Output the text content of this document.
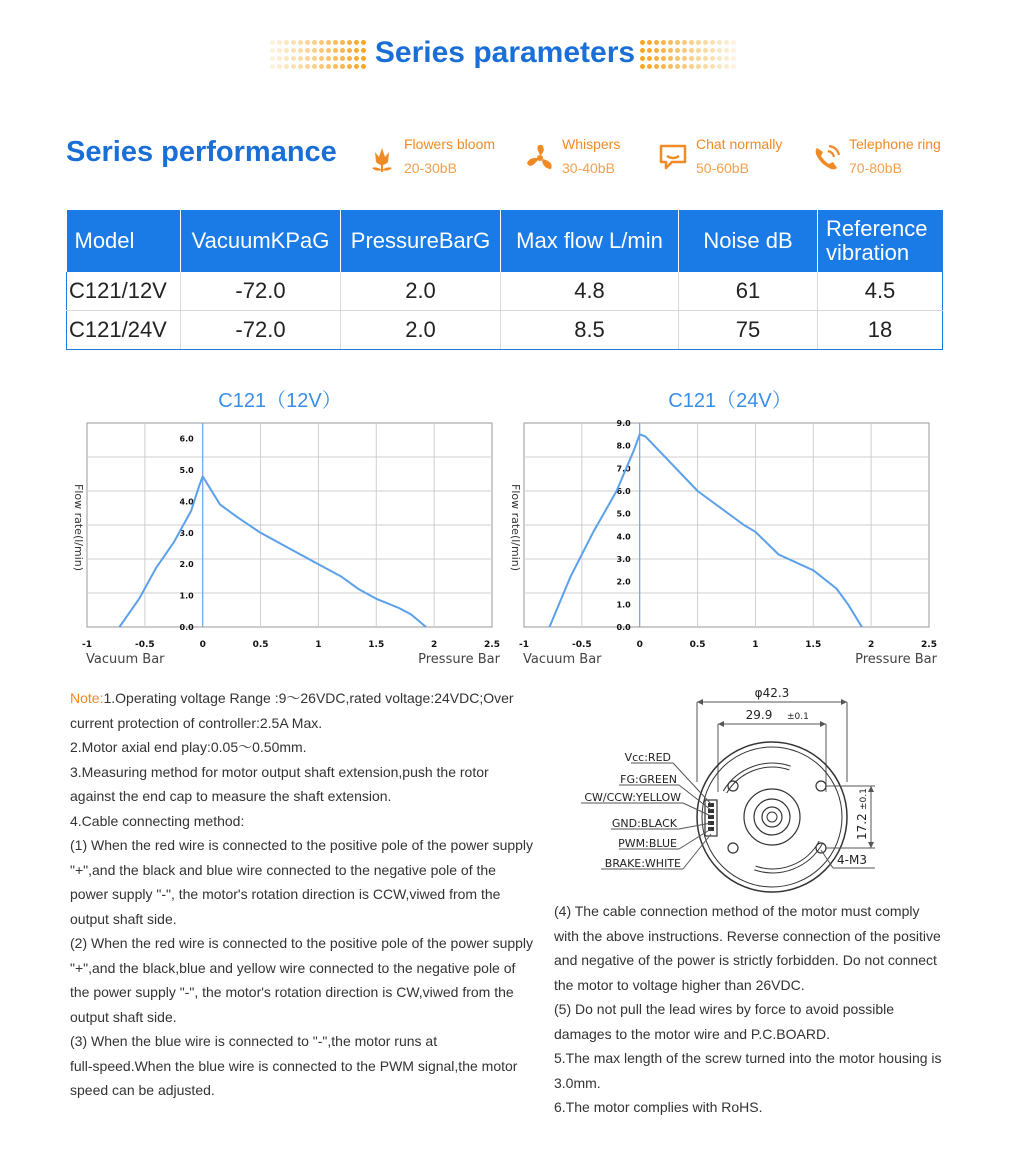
Series parameters
Series performance	Flowers bloom
20-30bB
Whispers
30-40bB
Chat normally
50-60bB
Telephone ring
70-80bB
Model	VacuumKPaG	PressureBarG	Max flow L/min	Noise dB	Reference vibration
C121/12V	-72.0	2.0	4.8	61	4.5
C121/24V	-72.0	2.0	8.5	75	18
C121（12V）	C121（24V）
-1	-0.5	0	0.5	1	1.5	2	2.5
0.0
1.0
2.0
3.0
4.0
5.0
6.0
Flow rate(l/min)
Vacuum Bar	Pressure Bar
-1	-0.5	0	0.5	1	1.5	2	2.5
0.0
1.0
2.0
3.0
4.0
5.0
6.0
7.0
8.0
9.0
Flow rate(l/min)
Vacuum Bar	Pressure Bar
Note:1.Operating voltage Range :9～26VDC,rated voltage:24VDC;Over
current protection of controller:2.5A Max.
2.Motor axial end play:0.05～0.50mm.
3.Measuring method for motor output shaft extension,push the rotor
against the end cap to measure the shaft extension.
4.Cable connecting method:
(1) When the red wire is connected to the positive pole of the power supply
"+",and the black and blue wire connected to the negative pole of the
power supply "-", the motor's rotation direction is CCW,viwed from the
output shaft side.
(2) When the red wire is connected to the positive pole of the power supply
"+",and the black,blue and yellow wire connected to the negative pole of
the power supply "-", the motor's rotation direction is CW,viwed from the
output shaft side.
(3) When the blue wire is connected to "-",the motor runs at
full-speed.When the blue wire is connected to the PWM signal,the motor
speed can be adjusted.
φ42.3
29.9 ±0.1
17.2
±0.1
4-M3
Vcc:RED
FG:GREEN
CW/CCW:YELLOW
GND:BLACK
PWM:BLUE
BRAKE:WHITE
(4) The cable connection method of the motor must comply
with the above instructions. Reverse connection of the positive
and negative of the power is strictly forbidden. Do not connect
the motor to voltage higher than 26VDC.
(5) Do not pull the lead wires by force to avoid possible
damages to the motor wire and P.C.BOARD.
5.The max length of the screw turned into the motor housing is
3.0mm.
6.The motor complies with RoHS.
